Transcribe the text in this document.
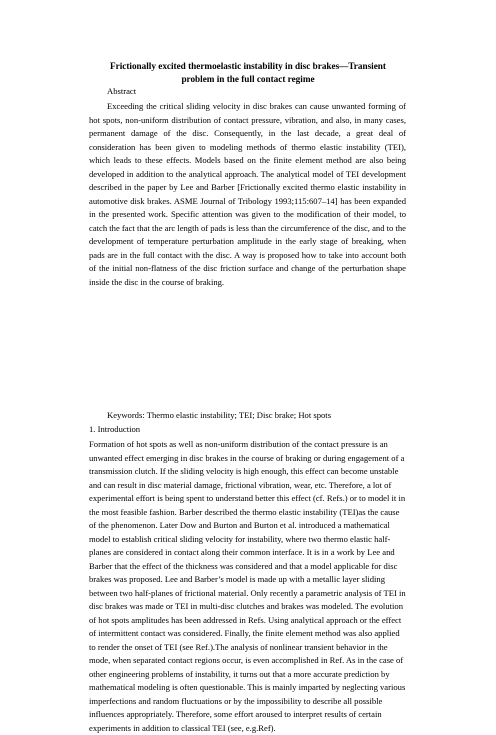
Frictionally excited thermoelastic instability in disc brakes—Transient
problem in the full contact regime
Abstract

Exceeding the critical sliding velocity in disc brakes can cause unwanted forming of hot spots, non-uniform distribution of contact pressure, vibration, and also, in many cases, permanent damage of the disc. Consequently, in the last decade, a great deal of consideration has been given to modeling methods of thermo elastic instability (TEI), which leads to these effects. Models based on the finite element method are also being developed in addition to the analytical approach. The analytical model of TEI development described in the paper by Lee and Barber [Frictionally excited thermo elastic instability in automotive disk brakes. ASME Journal of Tribology 1993;115:607–14] has been expanded in the presented work. Specific attention was given to the modification of their model, to catch the fact that the arc length of pads is less than the circumference of the disc, and to the development of temperature perturbation amplitude in the early stage of breaking, when pads are in the full contact with the disc. A way is proposed how to take into account both of the initial non-flatness of the disc friction surface and change of the perturbation shape inside the disc in the course of braking.

Keywords: Thermo elastic instability; TEI; Disc brake; Hot spots
1. Introduction

Formation of hot spots as well as non-uniform distribution of the contact pressure is an unwanted effect emerging in disc brakes in the course of braking or during engagement of a transmission clutch. If the sliding velocity is high enough, this effect can become unstable and can result in disc material damage, frictional vibration, wear, etc. Therefore, a lot of experimental effort is being spent to understand better this effect (cf. Refs.) or to model it in the most feasible fashion. Barber described the thermo elastic instability (TEI)as the cause of the phenomenon. Later Dow and Burton and Burton et al. introduced a mathematical model to establish critical sliding velocity for instability, where two thermo elastic half-planes are considered in contact along their common interface. It is in a work by Lee and Barber that the effect of the thickness was considered and that a model applicable for disc brakes was proposed. Lee and Barber’s model is made up with a metallic layer sliding between two half-planes of frictional material. Only recently a parametric analysis of TEI in disc brakes was made or TEI in multi-disc clutches and brakes was modeled. The evolution of hot spots amplitudes has been addressed in Refs. Using analytical approach or the effect of intermittent contact was considered. Finally, the finite element method was also applied to render the onset of TEI (see Ref.).The analysis of nonlinear transient behavior in the mode, when separated contact regions occur, is even accomplished in Ref. As in the case of other engineering problems of instability, it turns out that a more accurate prediction by mathematical modeling is often questionable. This is mainly imparted by neglecting various imperfections and random fluctuations or by the impossibility to describe all possible influences appropriately. Therefore, some effort aroused to interpret results of certain experiments in addition to classical TEI (see, e.g.Ref).
